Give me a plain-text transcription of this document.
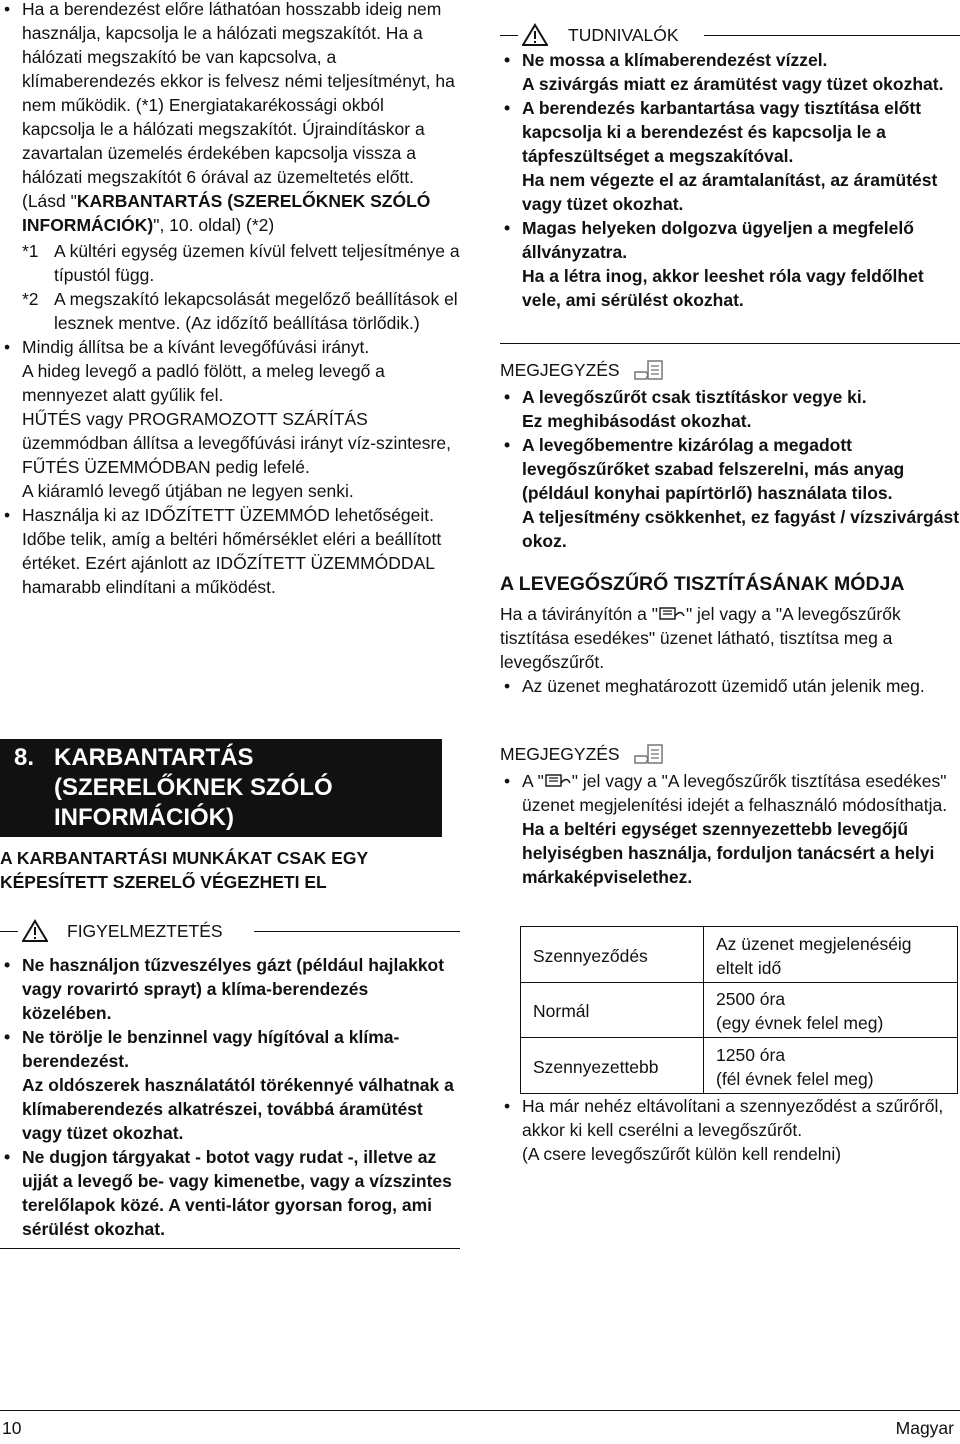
• Ha a berendezést előre láthatóan hosszabb ideig nem használja, kapcsolja le a hálózati megszakítót. Ha a hálózati megszakító be van kapcsolva, a klímaberendezés ekkor is felvesz némi teljesítményt, ha nem működik. (*1) Energiatakarékossági okból kapcsolja le a hálózati megszakítót. Újraindításkor a zavartalan üzemelés érdekében kapcsolja vissza a hálózati megszakítót 6 órával az üzemeltetés előtt. (Lásd "KARBANTARTÁS (SZERELŐKNEK SZÓLÓ INFORMÁCIÓK)", 10. oldal) (*2)

*1 A kültéri egység üzemen kívül felvett teljesítménye a típustól függ.

*2 A megszakító lekapcsolását megelőző beállítások el lesznek mentve. (Az időzítő beállítása törlődik.)

• Mindig állítsa be a kívánt levegőfúvási irányt.

A hideg levegő a padló fölött, a meleg levegő a mennyezet alatt gyűlik fel.

HŰTÉS vagy PROGRAMOZOTT SZÁRÍTÁS üzemmódban állítsa a levegőfúvási irányt víz-szintesre, FŰTÉS ÜZEMMÓDBAN pedig lefelé.

A kiáramló levegő útjában ne legyen senki.

• Használja ki az IDŐZÍTETT ÜZEMMÓD lehetőségeit.

Időbe telik, amíg a beltéri hőmérséklet eléri a beállított értéket. Ezért ajánlott az IDŐZÍTETT ÜZEMMÓDDAL hamarabb elindítani a működést.

8. KARBANTARTÁS
(SZERELŐKNEK SZÓLÓ
INFORMÁCIÓK)

A KARBANTARTÁSI MUNKÁKAT CSAK EGY KÉPESÍTETT SZERELŐ VÉGEZHETI EL

FIGYELMEZTETÉS

• Ne használjon tűzveszélyes gázt (például hajlakkot vagy rovarirtó sprayt) a klíma-berendezés közelében.

• Ne törölje le benzinnel vagy hígítóval a klíma-berendezést.

Az oldószerek használatától törékennyé válhatnak a klímaberendezés alkatrészei, továbbá áramütést vagy tüzet okozhat.

• Ne dugjon tárgyakat - botot vagy rudat -, illetve az ujját a levegő be- vagy kimenetbe, vagy a vízszintes terelőlapok közé. A venti-látor gyorsan forog, ami sérülést okozhat.

TUDNIVALÓK

• Ne mossa a klímaberendezést vízzel.

A szivárgás miatt ez áramütést vagy tüzet okozhat.

• A berendezés karbantartása vagy tisztítása előtt kapcsolja ki a berendezést és kapcsolja le a tápfeszültséget a megszakítóval.

Ha nem végezte el az áramtalanítást, az áramütést vagy tüzet okozhat.

• Magas helyeken dolgozva ügyeljen a megfelelő állványzatra.

Ha a létra inog, akkor leeshet róla vagy feldőlhet vele, ami sérülést okozhat.

MEGJEGYZÉS

• A levegőszűrőt csak tisztításkor vegye ki.

Ez meghibásodást okozhat.

• A levegőbementre kizárólag a megadott levegőszűrőket szabad felszerelni, más anyag (például konyhai papírtörlő) használata tilos.

A teljesítmény csökkenhet, ez fagyást / vízszivárgást okoz.

A LEVEGŐSZŰRŐ TISZTÍTÁSÁNAK MÓDJA

Ha a távirányítón a " " jel vagy a "A levegőszűrők tisztítása esedékes" üzenet látható, tisztítsa meg a levegőszűrőt.

• Az üzenet meghatározott üzemidő után jelenik meg.

MEGJEGYZÉS

• A " " jel vagy a "A levegőszűrők tisztítása esedékes" üzenet megjelenítési idejét a felhasználó módosíthatja.

Ha a beltéri egységet szennyezettebb levegőjű helyiségben használja, forduljon tanácsért a helyi márkaképviselethez.

Szennyeződés	Az üzenet megjelenéséig
eltelt idő

Normál	2500 óra
(egy évnek felel meg)

Szennyezettebb	1250 óra
(fél évnek felel meg)

• Ha már nehéz eltávolítani a szennyeződést a szűrőről, akkor ki kell cserélni a levegőszűrőt.

(A csere levegőszűrőt külön kell rendelni)

10	Magyar
